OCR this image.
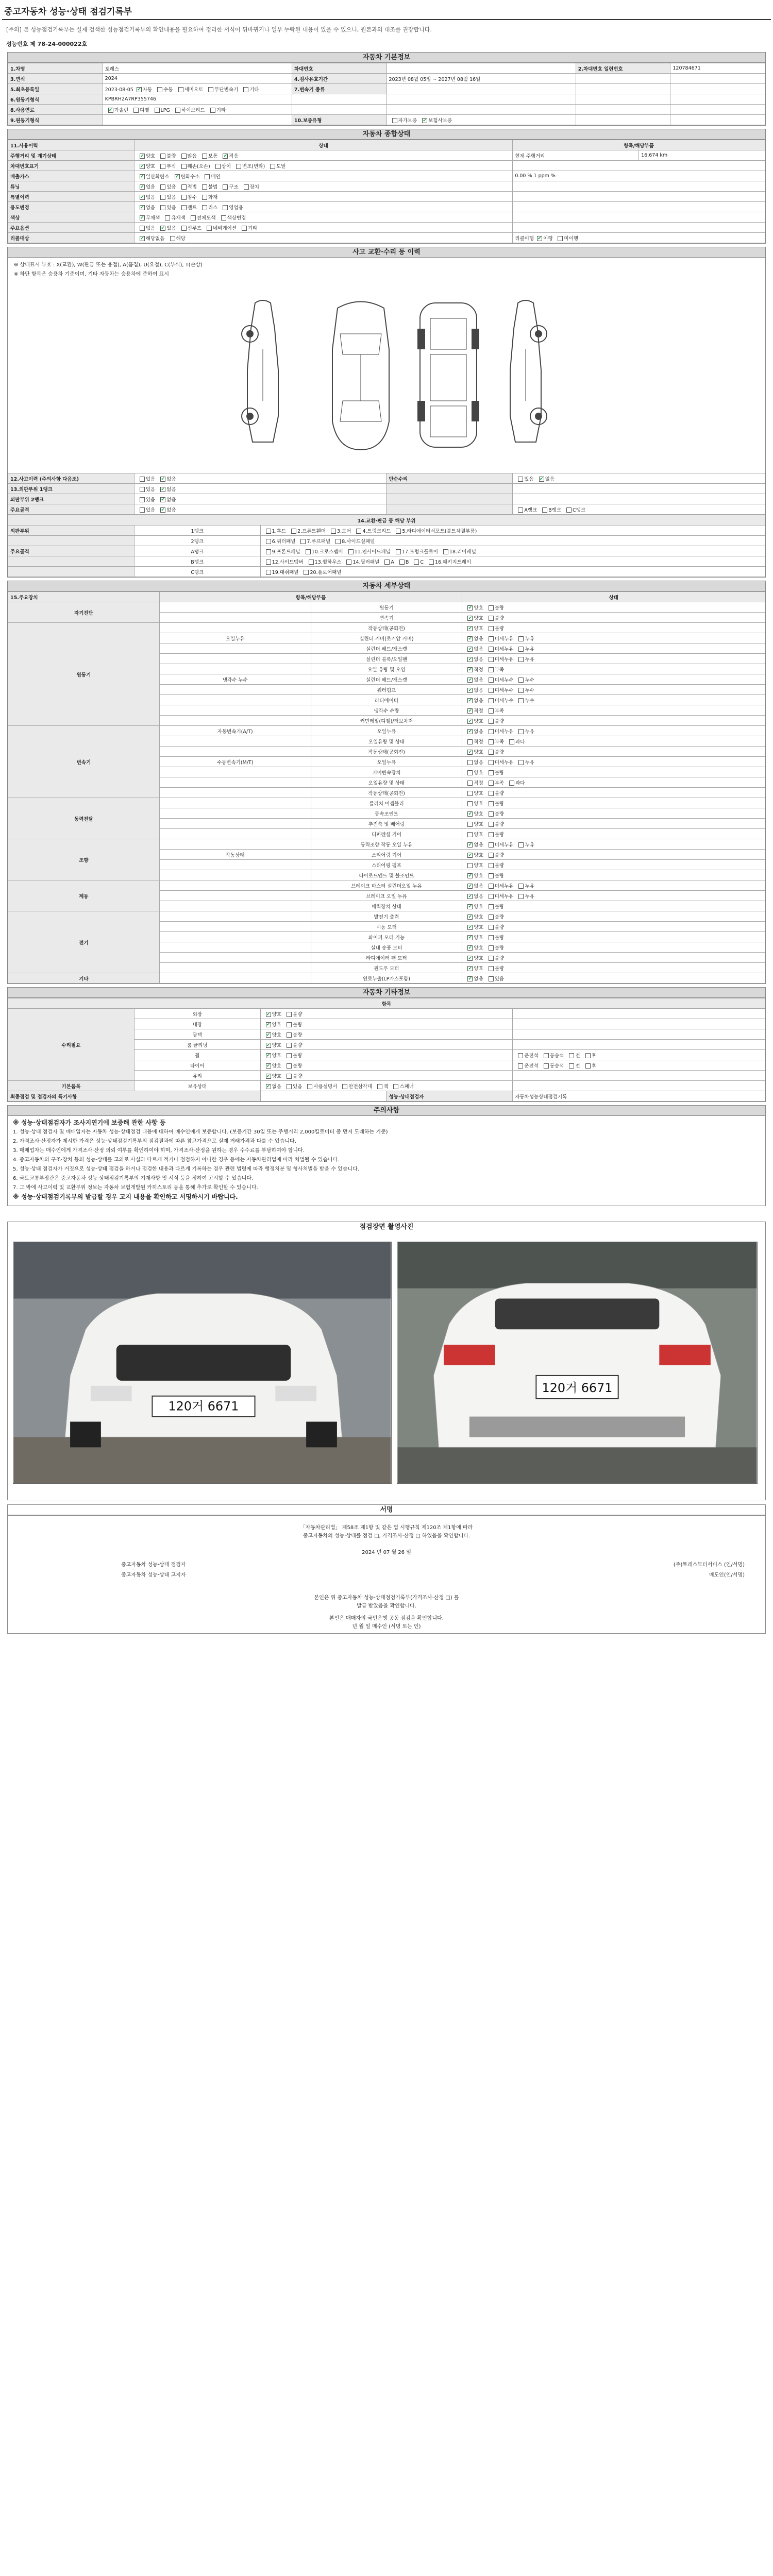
중고자동차 성능·상태 점검기록부
[주의] 본 성능점검기록부는 실제 검색한 성능점검기록부의 확인내용을 필요하여 정리한 서식이 뒤바뀌거나 일부 누락된 내용이 있을 수 있으니, 원본과의 대조를 권장합니다.
성능번호 제 78-24-000022호
자동차 기본정보
1.차명	토레스	차대번호		2.차대번호 일련번호	120784671
3.연식	2024	4.검사유효기간	2023년 08월 05일 ~ 2027년 08월 16일		
5.최초등록일	2023-08-05 ✔ 자동 수동 세미오토 무단변속기 기타	7.변속기 종류			
6.원동기형식	KPBRH2A7RP355746				
8.사용연료	✔가솔린 디젤 LPG 하이브리드 기타				
9.원동기형식		10.보증유형	자가보증 ✔ 보험사보증		
자동차 종합상태
11.사용이력	상태	항목/해당부품	
주행거리 및 계기상태	✔양호 불량 많음 보통 ✔ 적음	현재 주행거리	16,674 km
차대번호표기	✔양호 부식 훼손(오손) 상이 변조(변타) 도말	
배출가스	✔일산화탄소 ✔ 탄화수소 매연	0.00 % 1 ppm %	
튜닝	✔없음 있음 적법 불법 구조 장치	
특별이력	✔없음 있음 침수 화재	
용도변경	✔없음 있음 렌트 리스 영업용	
색상	✔무채색 유채색 전체도색 색상변경	
주요옵션	없음 ✔ 있음 선루프 네비게이션 기타	
리콜대상	✔해당없음 해당	리콜이행 ✔ 이행 미이행
사고 교환·수리 등 이력
※ 상태표시 부호 : X(교환), W(판금 또는 용접), A(흠집), U(요철), C(부식), T(손상)
※ 하단 항목은 승용차 기준이며, 기타 자동차는 승용차에 준하여 표시
12.사고이력 (주의사항 다음조)	있음 ✔ 없음	단순수리	있음 ✔ 없음
13.외판부위 1랭크	있음 ✔ 없음		
외판부위 2랭크	있음 ✔ 없음		
주요골격	있음 ✔ 없음		A랭크 B랭크 C랭크
14.교환·판금 등 해당 부위		
외판부위	1랭크	1.후드 2.프론트휀더 3.도어 4.트렁크리드 5.라디에이터서포트(볼트체결부품)
	2랭크	6.쿼터패널 7.루프패널 8.사이드실패널
주요골격	A랭크	9.프론트패널 10.크로스멤버 11.인사이드패널 17.트렁크플로어 18.리어패널
	B랭크	12.사이드멤버 13.휠하우스 14.필러패널 A B C 16.패키지트레이
	C랭크	19.대쉬패널 20.플로어패널
자동차 세부상태
15.주요장치	항목/해당부품		상태
자기진단		원동기	✔양호 불량
		변속기	✔양호 불량
원동기		작동상태(공회전)	✔양호 불량
	오일누유	실린더 커버(로커암 커버)	✔없음 미세누유 누유
		실린더 헤드/개스켓	✔없음 미세누유 누유
		실린더 블록/오일팬	✔없음 미세누유 누유
		오일 유량 및 오염	✔적정 부족
	냉각수 누수	실린더 헤드/개스켓	✔없음 미세누수 누수
		워터펌프	✔없음 미세누수 누수
		라디에이터	✔없음 미세누수 누수
		냉각수 수량	✔적정 부족
		커먼레일(디젤)/터보차저	✔양호 불량
변속기	자동변속기(A/T)	오일누유	✔없음 미세누유 누유
		오일유량 및 상태	적정 부족 과다
		작동상태(공회전)	✔양호 불량
	수동변속기(M/T)	오일누유	없음 미세누유 누유
		기어변속장치	양호 불량
		오일유량 및 상태	적정 부족 과다
		작동상태(공회전)	양호 불량
동력전달		클러치 어셈블리	양호 불량
		등속조인트	✔양호 불량
		추진축 및 베어링	양호 불량
		디퍼렌셜 기어	양호 불량
조향		동력조향 작동 오일 누유	✔없음 미세누유 누유
	작동상태	스티어링 기어	✔양호 불량
		스티어링 펌프	양호 불량
		타이로드엔드 및 볼조인트	✔양호 불량
제동		브레이크 마스터 실린더오일 누유	✔없음 미세누유 누유
		브레이크 오일 누유	✔없음 미세누유 누유
		배력장치 상태	✔양호 불량
전기		발전기 출력	✔양호 불량
		시동 모터	✔양호 불량
		와이퍼 모터 기능	✔양호 불량
		실내 송풍 모터	✔양호 불량
		라디에이터 팬 모터	✔양호 불량
		윈도우 모터	✔양호 불량
기타		연료누출(LP가스포함)	✔없음 있음
자동차 기타정보
항목				
수리필요	외장	✔양호 불량	
	내장	✔양호 불량	
	광택	✔양호 불량	
	룸 클리닝	✔양호 불량	
	휠	✔양호 불량		운전석 동승석 전 후
	타이어	✔양호 불량		운전석 동승석 전 후
	유리	✔양호 불량	
기본품목	보유상태	✔없음 있음 사용설명서 안전삼각대 잭 스패너	
최종점검 및 점검자의 특기사항			성능·상태점검자	자동차성능상태점검기록
주의사항

※ 성능·상태점검자가 조사지연기에 보증해 관한 사항 등

1. 성능·상태 점검자 및 매매업자는 자동차 성능·상태점검 내용에 대하여 매수인에게 보증합니다. (보증기간 30일 또는 주행거리 2,000킬로미터 중 먼저 도래하는 기준)

2. 가격조사·산정자가 제시한 가격은 성능·상태점검기록부의 점검결과에 따른 참고가격으로 실제 거래가격과 다를 수 있습니다.

3. 매매업자는 매수인에게 가격조사·산정 의뢰 여부를 확인하여야 하며, 가격조사·산정을 원하는 경우 수수료를 부담하여야 합니다.

4. 중고자동차의 구조·장치 등의 성능·상태를 고의로 사실과 다르게 적거나 점검하지 아니한 경우 등에는 자동차관리법에 따라 처벌될 수 있습니다.

5. 성능·상태 점검자가 거짓으로 성능·상태 점검을 하거나 점검한 내용과 다르게 기록하는 경우 관련 법령에 따라 행정처분 및 형사처벌을 받을 수 있습니다.

6. 국토교통부장관은 중고자동차 성능·상태점검기록부의 기재사항 및 서식 등을 정하여 고시할 수 있습니다.

7. 그 밖에 사고이력 및 교환부위 정보는 자동차 보험개발원 카히스토리 등을 통해 추가로 확인할 수 있습니다.

※ 성능·상태점검기록부의 발급할 경우 고지 내용을 확인하고 서명하시기 바랍니다.

점검장면 촬영사진
120거 6671
120거 6671
서명
「자동차관리법」 제58조 제1항 및 같은 법 시행규칙 제120조 제1항에 따라
중고자동차의 성능·상태를 점검 □, 가격조사·산정 □ 하였음을 확인합니다.
2024 년 07 월 26 일
중고자동차 성능·상태 점검자	(주)토레스모터서비스 (인/서명)
중고자동차 성능·상태 고지자	매도인(인/서명)
본인은 위 중고자동차 성능·상태점검기록부(가격조사·산정 □) 를
발급 받았음을 확인합니다.
본인은 매매자의 국민은행 공동 점검을 확인합니다.
년 월 일 매수인 (서명 또는 인)
